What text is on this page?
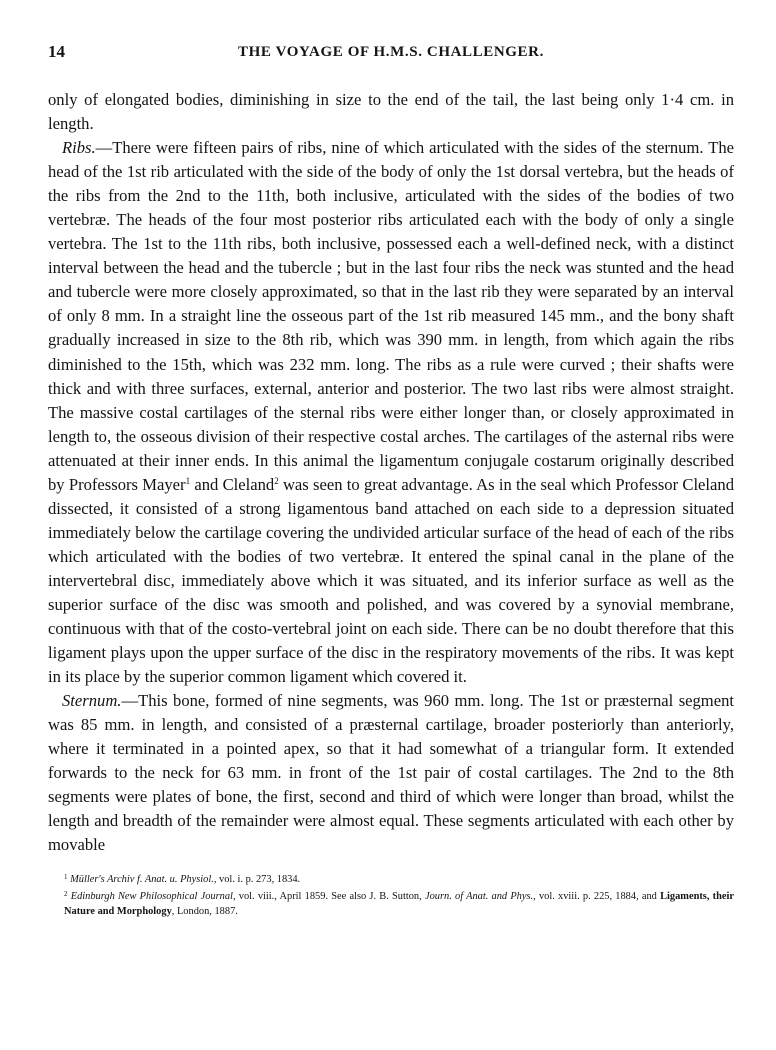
14	THE VOYAGE OF H.M.S. CHALLENGER.

only of elongated bodies, diminishing in size to the end of the tail, the last being only 1·4 cm. in length.

Ribs.—There were fifteen pairs of ribs, nine of which articulated with the sides of the sternum. The head of the 1st rib articulated with the side of the body of only the 1st dorsal vertebra, but the heads of the ribs from the 2nd to the 11th, both inclusive, articulated with the sides of the bodies of two vertebræ. The heads of the four most posterior ribs articulated each with the body of only a single vertebra. The 1st to the 11th ribs, both inclusive, possessed each a well-defined neck, with a distinct interval between the head and the tubercle ; but in the last four ribs the neck was stunted and the head and tubercle were more closely approximated, so that in the last rib they were separated by an interval of only 8 mm. In a straight line the osseous part of the 1st rib measured 145 mm., and the bony shaft gradually increased in size to the 8th rib, which was 390 mm. in length, from which again the ribs diminished to the 15th, which was 232 mm. long. The ribs as a rule were curved ; their shafts were thick and with three surfaces, external, anterior and posterior. The two last ribs were almost straight. The massive costal cartilages of the sternal ribs were either longer than, or closely approximated in length to, the osseous division of their respective costal arches. The cartilages of the asternal ribs were attenuated at their inner ends. In this animal the ligamentum conjugale costarum originally described by Professors Mayer$^1$ and Cleland$^2$ was seen to great advantage. As in the seal which Professor Cleland dissected, it consisted of a strong ligamentous band attached on each side to a depression situated immediately below the cartilage covering the undivided articular surface of the head of each of the ribs which articulated with the bodies of two vertebræ. It entered the spinal canal in the plane of the intervertebral disc, immediately above which it was situated, and its inferior surface as well as the superior surface of the disc was smooth and polished, and was covered by a synovial membrane, continuous with that of the costo-vertebral joint on each side. There can be no doubt therefore that this ligament plays upon the upper surface of the disc in the respiratory movements of the ribs. It was kept in its place by the superior common ligament which covered it.

Sternum.—This bone, formed of nine segments, was 960 mm. long. The 1st or præsternal segment was 85 mm. in length, and consisted of a præsternal cartilage, broader posteriorly than anteriorly, where it terminated in a pointed apex, so that it had somewhat of a triangular form. It extended forwards to the neck for 63 mm. in front of the 1st pair of costal cartilages. The 2nd to the 8th segments were plates of bone, the first, second and third of which were longer than broad, whilst the length and breadth of the remainder were almost equal. These segments articulated with each other by movable

$^1$ Müller's Archiv f. Anat. u. Physiol., vol. i. p. 273, 1834.

$^2$ Edinburgh New Philosophical Journal, vol. viii., April 1859. See also J. B. Sutton, Journ. of Anat. and Phys., vol. xviii. p. 225, 1884, and Ligaments, their Nature and Morphology, London, 1887.
